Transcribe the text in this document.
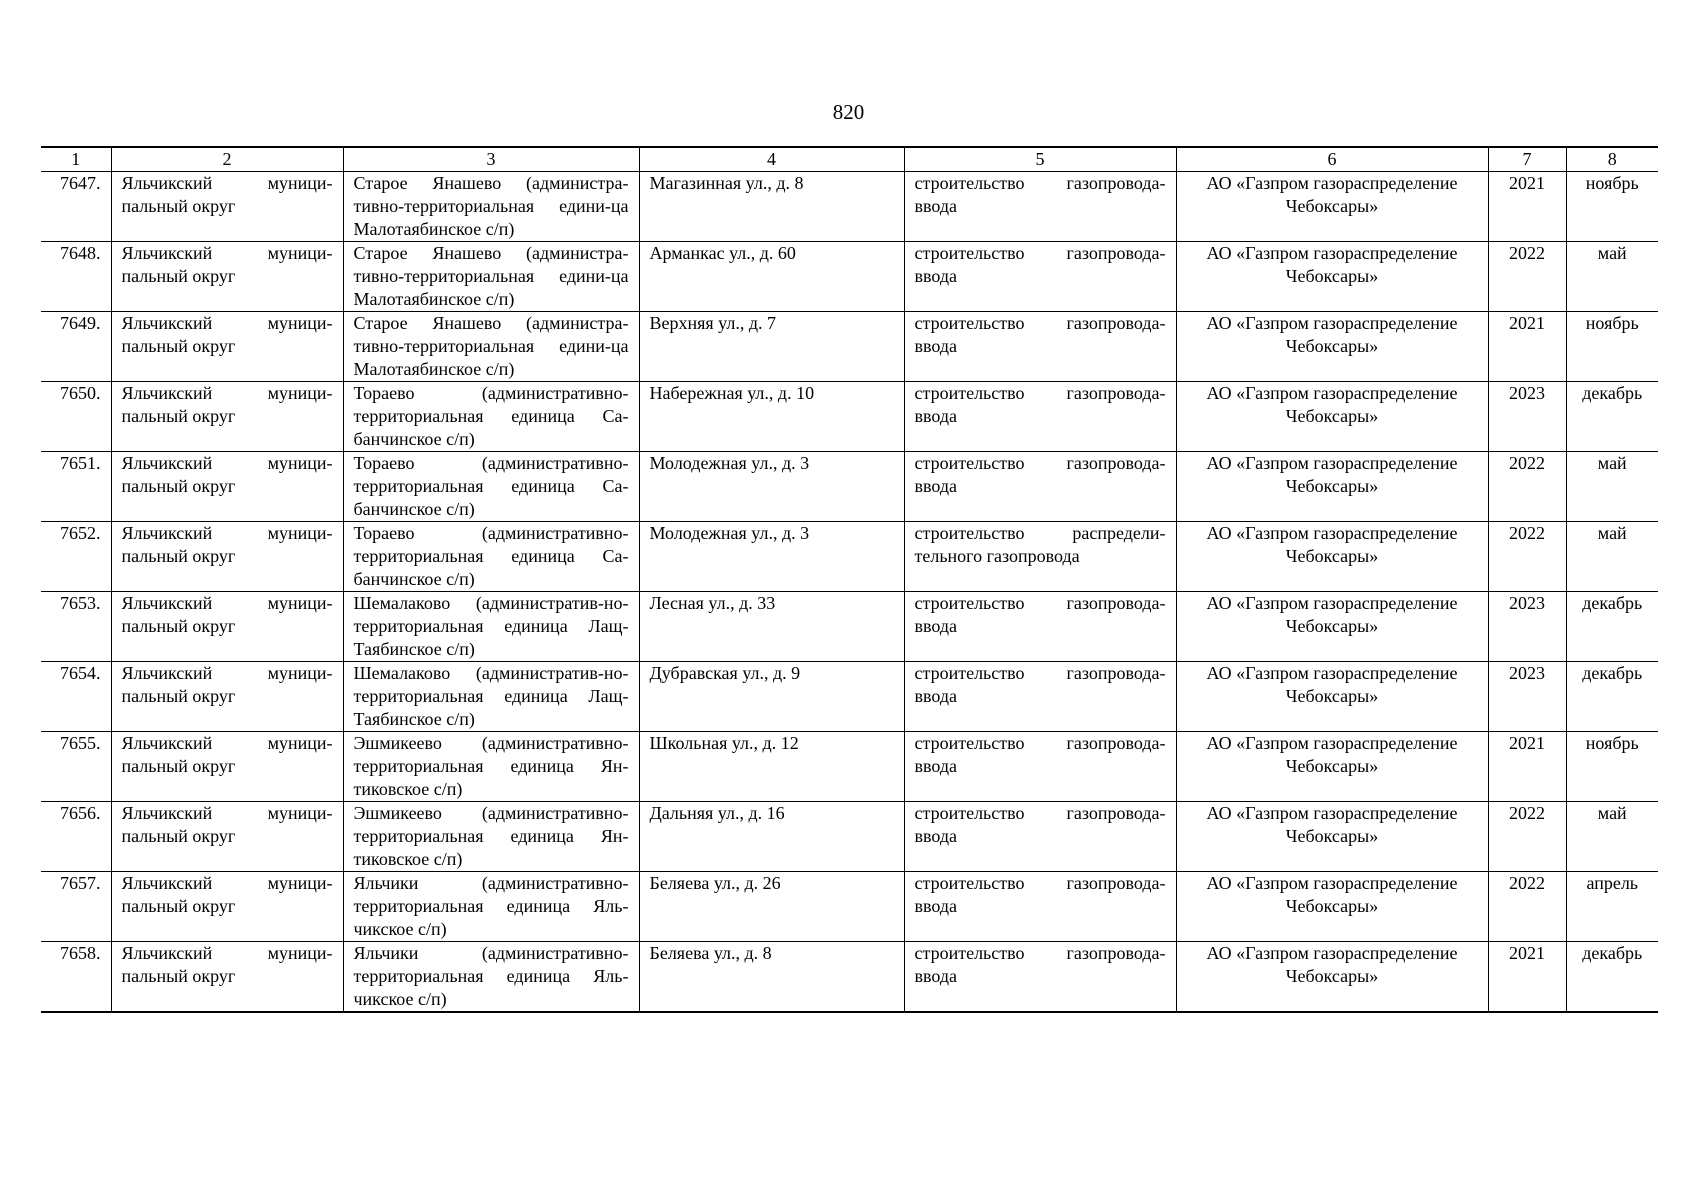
820
1	2	3	4	5	6	7	8
7647.	Яльчикский муници-пальный округ	Старое Янашево (администра-тивно-территориальная едини-ца Малотаябинское с/п)	Магазинная ул., д. 8	строительство газопровода-ввода	АО «Газпром газораспределение Чебоксары»	2021	ноябрь
7648.	Яльчикский муници-пальный округ	Старое Янашево (администра-тивно-территориальная едини-ца Малотаябинское с/п)	Арманкас ул., д. 60	строительство газопровода-ввода	АО «Газпром газораспределение Чебоксары»	2022	май
7649.	Яльчикский муници-пальный округ	Старое Янашево (администра-тивно-территориальная едини-ца Малотаябинское с/п)	Верхняя ул., д. 7	строительство газопровода-ввода	АО «Газпром газораспределение Чебоксары»	2021	ноябрь
7650.	Яльчикский муници-пальный округ	Тораево (административно-территориальная единица Са-банчинское с/п)	Набережная ул., д. 10	строительство газопровода-ввода	АО «Газпром газораспределение Чебоксары»	2023	декабрь
7651.	Яльчикский муници-пальный округ	Тораево (административно-территориальная единица Са-банчинское с/п)	Молодежная ул., д. 3	строительство газопровода-ввода	АО «Газпром газораспределение Чебоксары»	2022	май
7652.	Яльчикский муници-пальный округ	Тораево (административно-территориальная единица Са-банчинское с/п)	Молодежная ул., д. 3	строительство распредели-тельного газопровода	АО «Газпром газораспределение Чебоксары»	2022	май
7653.	Яльчикский муници-пальный округ	Шемалаково (административ-но-территориальная единица Лащ-Таябинское с/п)	Лесная ул., д. 33	строительство газопровода-ввода	АО «Газпром газораспределение Чебоксары»	2023	декабрь
7654.	Яльчикский муници-пальный округ	Шемалаково (административ-но-территориальная единица Лащ-Таябинское с/п)	Дубравская ул., д. 9	строительство газопровода-ввода	АО «Газпром газораспределение Чебоксары»	2023	декабрь
7655.	Яльчикский муници-пальный округ	Эшмикеево (административно-территориальная единица Ян-тиковское с/п)	Школьная ул., д. 12	строительство газопровода-ввода	АО «Газпром газораспределение Чебоксары»	2021	ноябрь
7656.	Яльчикский муници-пальный округ	Эшмикеево (административно-территориальная единица Ян-тиковское с/п)	Дальняя ул., д. 16	строительство газопровода-ввода	АО «Газпром газораспределение Чебоксары»	2022	май
7657.	Яльчикский муници-пальный округ	Яльчики (административно-территориальная единица Яль-чикское с/п)	Беляева ул., д. 26	строительство газопровода-ввода	АО «Газпром газораспределение Чебоксары»	2022	апрель
7658.	Яльчикский муници-пальный округ	Яльчики (административно-территориальная единица Яль-чикское с/п)	Беляева ул., д. 8	строительство газопровода-ввода	АО «Газпром газораспределение Чебоксары»	2021	декабрь
